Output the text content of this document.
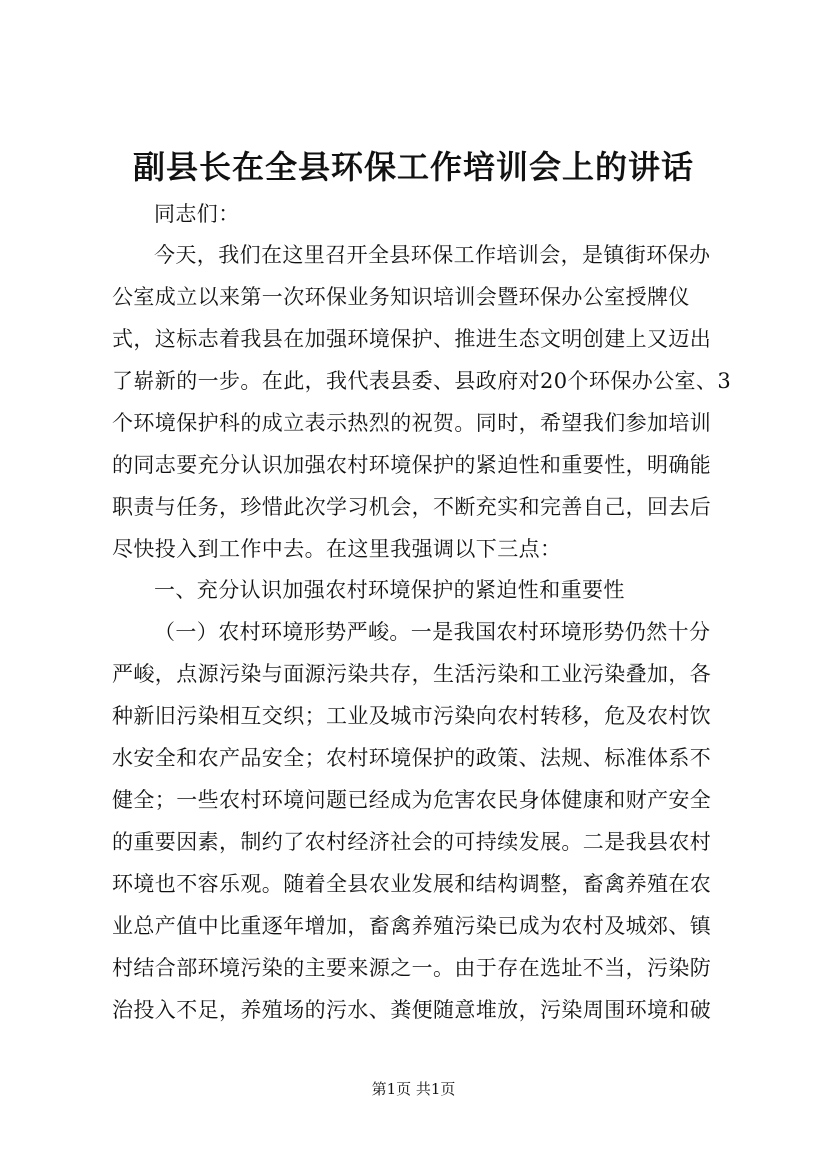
副县长在全县环保工作培训会上的讲话
同志们：
今天，我们在这里召开全县环保工作培训会，是镇街环保办
公室成立以来第一次环保业务知识培训会暨环保办公室授牌仪
式，这标志着我县在加强环境保护、推进生态文明创建上又迈出
了崭新的一步。在此，我代表县委、县政府对20个环保办公室、3
个环境保护科的成立表示热烈的祝贺。同时，希望我们参加培训
的同志要充分认识加强农村环境保护的紧迫性和重要性，明确能
职责与任务，珍惜此次学习机会，不断充实和完善自己，回去后
尽快投入到工作中去。在这里我强调以下三点：
一、充分认识加强农村环境保护的紧迫性和重要性
（一）农村环境形势严峻。一是我国农村环境形势仍然十分
严峻，点源污染与面源污染共存，生活污染和工业污染叠加，各
种新旧污染相互交织；工业及城市污染向农村转移，危及农村饮
水安全和农产品安全；农村环境保护的政策、法规、标准体系不
健全；一些农村环境问题已经成为危害农民身体健康和财产安全
的重要因素，制约了农村经济社会的可持续发展。二是我县农村
环境也不容乐观。随着全县农业发展和结构调整，畜禽养殖在农
业总产值中比重逐年增加，畜禽养殖污染已成为农村及城郊、镇
村结合部环境污染的主要来源之一。由于存在选址不当，污染防
治投入不足，养殖场的污水、粪便随意堆放，污染周围环境和破
第1页 共1页
